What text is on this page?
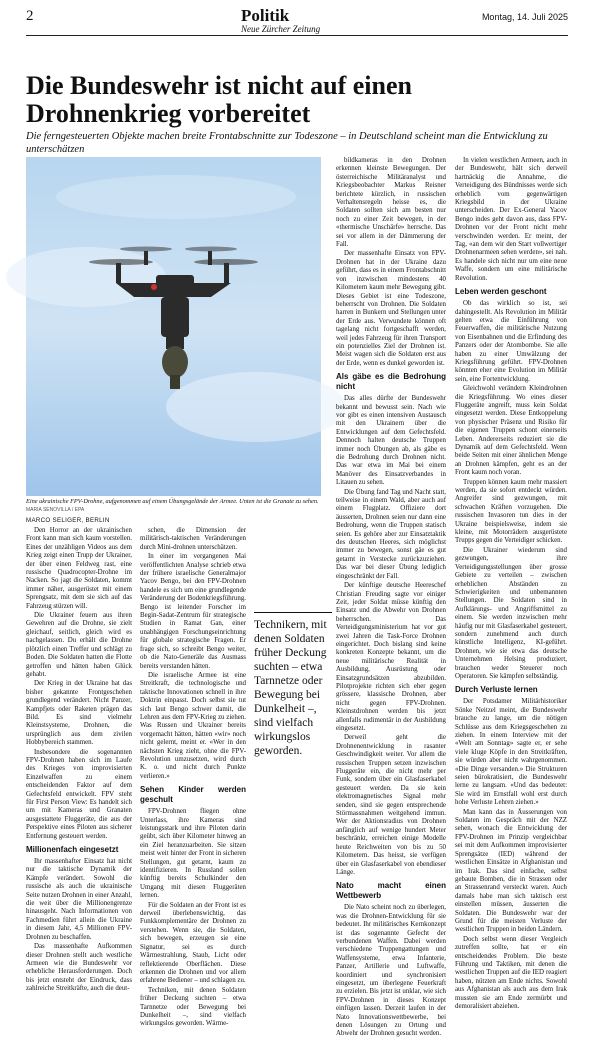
2	Politik
Neue Zürcher Zeitung
Montag, 14. Juli 2025
Die Bundeswehr ist nicht auf einen Drohnenkrieg vorbereitet
Die ferngesteuerten Objekte machen breite Frontabschnitte zur Todeszone – in Deutschland scheint man die Entwicklung zu unterschätzen
Eine ukrainische FPV-Drohne, aufgenommen auf einem Übungsgelände der Armee. Unten ist die Granate zu sehen. MARIA SENOVILLA / EPA
MARCO SELIGER, BERLIN

Den Horror an der ukrainischen Front kann man sich kaum vorstellen. Eines der unzähligen Videos aus dem Krieg zeigt einen Trupp der Ukrainer, der über einen Feldweg rast, eine russische Quadrocopter-Drohne im Nacken. So jagt die Soldaten, kommt immer näher, ausgerüstet mit einem Sprengsatz, mit dem sie sich auf das Fahrzeug stürzen will.

Die Ukrainer feuern aus ihren Gewehren auf die Drohne, sie zielt gleichauf, seitlich, gleich wird es nachgelassen. Du erhält die Drohne plötzlich einen Treffer und schlägt zu Boden. Die Soldaten hatten die Flotte getroffen und hätten haben Glück gehabt.

Der Krieg in der Ukraine hat das bisher gekannte Frontgeschehen grundlegend verändert. Nicht Panzer, Kampfjets oder Raketen prägen das Bild. Es sind vielmehr Kleinstsysteme, Drohnen, die ursprünglich aus dem zivilen Hobbybereich stammen.

Insbesondere die sogenannten FPV-Drohnen haben sich im Laufe des Krieges von improvisierten Einzelwaffen zu einem entscheidenden Faktor auf dem Gefechtsfeld entwickelt. FPV steht für First Person View: Es handelt sich um mit Kameras und Granaten ausgestattete Fluggeräte, die aus der Perspektive eines Piloten aus sicherer Entfernung gesteuert werden.

Millionenfach eingesetzt

Ihr massenhafter Einsatz hat nicht nur die taktische Dynamik der Kämpfe verändert. Sowohl die russische als auch die ukrainische Seite nutzen Drohnen in einer Anzahl, die weit über die Millionengrenze hinausgeht. Nach Informationen von Fachmedien führt allein die Ukraine in diesem Jahr, 4,5 Millionen FPV-Drohnen zu beschaffen.

Das massenhafte Aufkommen dieser Drohnen stellt auch westliche Armeen wie die Bundeswehr vor erhebliche Herausforderungen. Doch bis jetzt entsteht der Eindruck, dass zahlreiche Streitkräfte, auch die deut-

schen, die Dimension der militärisch-taktischen Veränderungen durch Mini-drohnen unterschätzen.

In einer im vergangenen Mai veröffentlichten Analyse schrieb etwa der frühere israelische Generalmajor Yacov Bengo, bei den FPV-Drohnen handele es sich um eine grundlegende Veränderung der Bodenkriegsführung. Bengo ist leitender Forscher im Begin-Sadat-Zentrum für strategische Studien in Ramat Gan, einer unabhängigen Forschungseinrichtung für globale strategische Fragen. Er frage sich, so schreibt Bengo weiter, ob die Nato-Generäle das Ausmass bereits verstanden hätten.

Die israelische Armee ist eine Streitkraft, die technologische und taktische Innovationen schnell in ihre Doktrin einpasst. Doch selbst sie tut sich laut Bengo schwer damit, die Lehren aus dem FPV-Krieg zu ziehen. Was Russen und Ukrainer bereits vorgemacht hätten, hätten «wir» noch nicht gelernt, meint er. «Wer in den nächsten Krieg zieht, ohne die FPV-Revolution umzusetzen, wird durch K. o. und nicht durch Punkte verlieren.»

Sehen Kinder werden geschult

FPV-Drohnen fliegen ohne Unterlass, ihre Kameras sind leistungsstark und ihre Piloten darin geübt, sich über Kilometer hinweg an ein Ziel heranzuarbeiten. Sie sitzen meist weit hinter der Front in sicheren Stellungen, gut getarnt, kaum zu identifizieren. In Russland sollen künftig bereits Schulkinder den Umgang mit diesen Fluggeräten lernen.

Für die Soldaten an der Front ist es derweil überlebenswichtig, das Funkkomplementäre der Drohnen zu verstehen. Wenn sie, die Soldaten, sich bewegen, erzeugen sie eine Signatur, sei es durch Wärmestrahlung, Staub, Licht oder reflektierende Oberflächen. Diese erkennen die Drohnen und vor allem erfahrene Bediener – und schlagen zu.

Techniken, mit denen Soldaten früher Deckung suchten – etwa Tarnnetze oder Bewegung bei Dunkelheit –, sind vielfach wirkungslos geworden. Wärme-

Technikern, mit denen Soldaten früher Deckung suchten – etwa Tarnnetze oder Bewegung bei Dunkelheit –, sind vielfach wirkungslos geworden.

bildkameras in den Drohnen erkennen kleinste Bewegungen. Der österreichische Militäranalyst und Kriegsbeobachter Markus Reisner berichtete kürzlich, in russischen Verhaltensregeln heisse es, die Soldaten sollten sich am besten nur noch zu einer Zeit bewegen, in der «thermische Unschärfe» herrsche. Das sei vor allem in der Dämmerung der Fall.

Der massenhafte Einsatz von FPV-Drohnen hat in der Ukraine dazu geführt, dass es in einem Frontabschnitt von inzwischen mindestens 40 Kilometern kaum mehr Bewegung gibt. Dieses Gebiet ist eine Todeszone, beherrscht von Drohnen. Die Soldaten harren in Bunkern und Stellungen unter der Erde aus. Verwundete können oft tagelang nicht fortgeschafft werden, weil jedes Fahrzeug für ihren Transport ein potenzielles Ziel der Drohnen ist. Meist wagen sich die Soldaten erst aus der Erde, wenn es dunkel geworden ist.

Als gäbe es die Bedrohung nicht

Das alles dürfte der Bundeswehr bekannt und bewusst sein. Nach wie vor gibt es einen intensiven Austausch mit den Ukrainern über die Entwicklungen auf dem Gefechtsfeld. Dennoch halten deutsche Truppen immer noch Übungen ab, als gäbe es die Bedrohung durch Drohnen nicht. Das war etwa im Mai bei einem Manöver des Einsatzverbandes in Litauen zu sehen.

Die Übung fand Tag und Nacht statt, teilweise in einem Wald, aber auch auf einem Flugplatz. Offiziere dort äusserten, Drohnen seien nur dann eine Bedrohung, wenn die Truppen statisch seien. Es gehöre aber zur Einsatztaktik des deutschen Heeres, sich möglichst immer zu bewegen, sonst gäe es gut getarnt in Verstecke zurückzuziehen. Das war bei dieser Übung lediglich eingeschränkt der Fall.

Der künftige deutsche Heereschef Christian Freuding sagte vor einiger Zeit, jeder Soldat müsse künftig den Einsatz und die Abwehr von Drohnen beherrschen. Das Verteidigungsministerium hat vor gut zwei Jahren die Task-Force Drohnen eingerichtet. Doch bislang sind keine konkreten Konzepte bekannt, um die neue militärische Realität in Ausbildung, Ausrüstung oder Einsatzgrundsätzen abzubilden. Pilotprojekte richten sich eher gegen grössere, klassische Drohnen, aber nicht gegen FPV-Drohnen. Kleinstdrohnen werden bis jetzt allenfalls rudimentär in der Ausbildung eingesetzt.

Derweil geht die Drohnenentwicklung in rasanter Geschwindigkeit weiter. Vor allem die russischen Truppen setzen inzwischen Fluggeräte ein, die nicht mehr per Funk, sondern über ein Glasfaserkabel gesteuert werden. Da sie kein elektromagnetisches Signal mehr senden, sind sie gegen entsprechende Störmassnahmen weitgehend immun. Wer der Aktionsradius von Drohnen anfänglich auf wenige hundert Meter beschränkt, erreichen einige Modelle heute Reichweiten von bis zu 50 Kilometern. Das heisst, sie verfügen über ein Glasfaserkabel von ebendieser Länge.

Nato macht einen Wettbewerb

Die Nato scheint noch zu überlegen, was die Drohnen-Entwicklung für sie bedeutet. Ihr militärisches Kernkonzept ist das sogenannte Gefecht der verbundenen Waffen. Dabei werden verschiedene Truppengattungen und Waffensysteme, etwa Infanterie, Panzer, Artillerie und Luftwaffe, koordiniert und synchronisiert eingesetzt, um überlegene Feuerkraft zu erzielen. Bis jetzt ist unklar, wie sich FPV-Drohnen in dieses Konzept einfügen lassen. Derzeit laufen in der Nato Innovationswettbewerbe, bei denen Lösungen zu Ortung und Abwehr der Drohnen gesucht werden.

In vielen westlichen Armeen, auch in der Bundeswehr, hält sich derweil hartnäckig die Annahme, die Verteidigung des Bündnisses werde sich erheblich vom gegenwärtigen Kriegsbild in der Ukraine unterscheiden. Der Ex-General Yacov Bengo indes geht davon aus, dass FPV-Drohnen vor der Front nicht mehr verschwinden werden. Er meint, der Tag, «an dem wir den Start vollwertiger Drohnenarmeen sehen werden», sei nah. Es handele sich nicht nur um eine neue Waffe, sondern um eine militärische Revolution.

Leben werden geschont

Ob das wirklich so ist, sei dahingestellt. Als Revolution im Militär gelten etwa die Einführung von Feuerwaffen, die militärische Nutzung von Eisenbahnen und die Erfindung des Panzers oder der Atombombe. Sie alle haben zu einer Umwälzung der Kriegsführung geführt. FPV-Drohnen könnten eher eine Evolution im Militär sein, eine Fortentwicklung.

Gleichwohl verändern Kleindrohnen die Kriegsführung. Wo eines dieser Fluggeräte angreift, muss kein Soldat eingesetzt werden. Diese Entkoppelung von physischer Präsenz und Risiko für die eigenen Truppen schont einerseits Leben. Andererseits reduziert sie die Dynamik auf dem Gefechtsfeld. Wenn beide Seiten mit einer ähnlichen Menge an Drohnen kämpfen, geht es an der Front kaum noch voran.

Truppen können kaum mehr massiert werden, da sie sofort entdeckt würden. Angreifer sind gezwungen, mit schwachen Kräften vorzugehen. Die russischen Invasoren tun dies in der Ukraine beispielsweise, indem sie kleine, mit Motorrädern ausgerüstete Trupps gegen die Verteidiger schicken.

Die Ukrainer wiederum sind gezwungen, ihre Verteidigungsstellungen über grosse Gebiete zu verteilen – zwischen erheblichen Abständen zu Schwierigkeiten und unbemannten Stellungen. Die Soldaten sind in Aufklärungs- und Angriffsmittel zu einem. Sie werden inzwischen mehr häufig nur mit Glasfaserkabel gesteuert, sondern zunehmend auch durch künstliche Intelligenz, KI-geführt. Drohnen, wie sie etwa das deutsche Unternehmen Helsing produziert, brauchen weder Steuerer noch Operatoren. Sie kämpfen selbständig.

Durch Verluste lernen

Der Potsdamer Militärhistoriker Sönke Neitzel meint, die Bundeswehr brauche zu lange, um die nötigen Schlüsse aus dem Kriegsgeschehen zu ziehen. In einem Interview mit der «Welt am Sonntag» sagte er, er sehe viele kluge Köpfe in den Streitkräften, sie würden aber nicht wahrgenommen. «Die Dinge versanden.» Die Strukturen seien bürokratisiert, die Bundeswehr lerne zu langsam. «Und das bedeutet: Sie wird im Ernstfall wohl erst durch hohe Verluste Lehren ziehen.»

Man kann das in Äusserungen von Soldaten im Gespräch mit der NZZ sehen, wonach die Entwicklung der FPV-Drohnen im Prinzip vergleichbar sei mit dem Aufkommen improvisierter Sprengsätze (IED) während der westlichen Einsätze in Afghanistan und im Irak. Das sind einfache, selbst gebaute Bomben, die in Strassen oder an Strassenrand versteckt waren. Auch damals habe man sich taktisch erst einstellen müssen, äusserten die Soldaten. Die Bundeswehr war der Grund für die meisten Verluste der westlichen Truppen in beiden Ländern.

Doch selbst wenn dieser Vergleich zutreffen sollte, hat er ein entscheidendes Problem. Die beste Führung und Taktiken, mit denen die westlichen Truppen auf die IED reagiert haben, nützten am Ende nichts. Sowohl aus Afghanistan als auch aus dem Irak mussten sie am Ende zermürbt und demoralisiert abziehen.
